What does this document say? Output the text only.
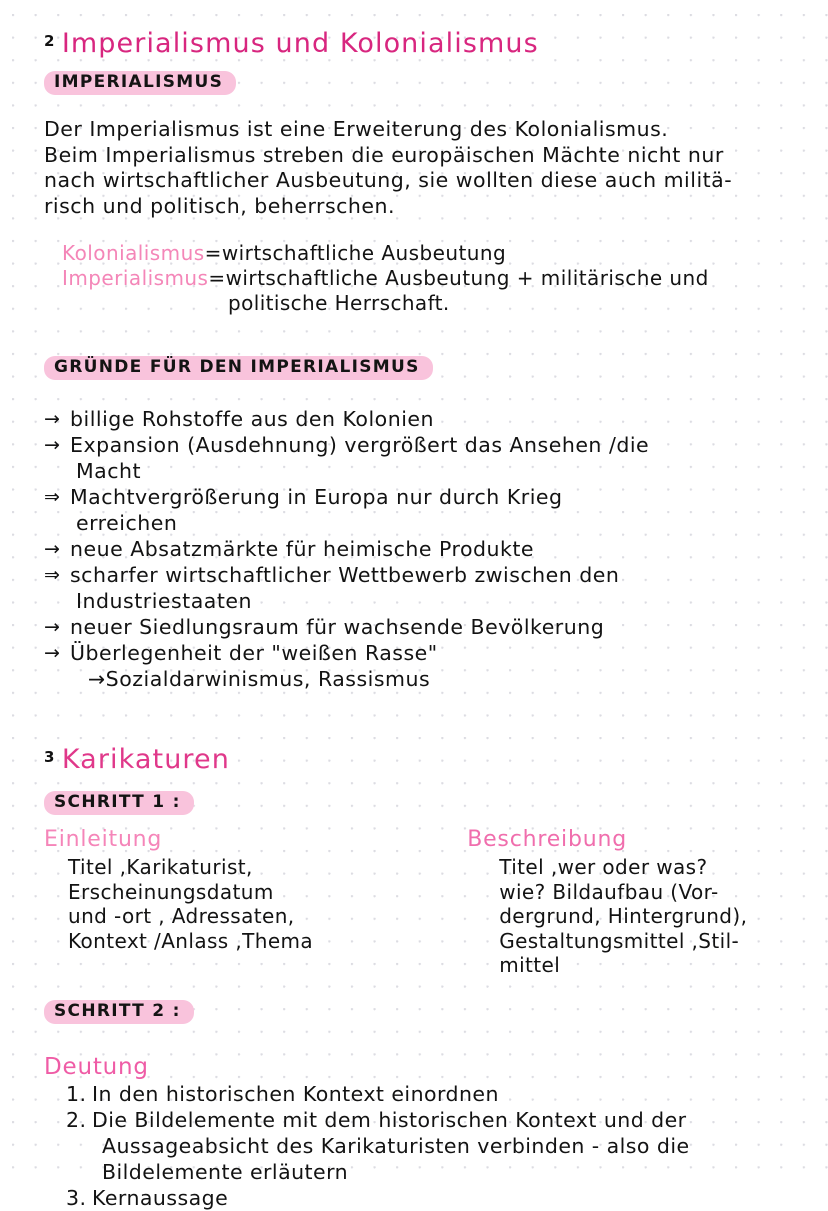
2 Imperialismus und Kolonialismus
IMPERIALISMUS
Der Imperialismus ist eine Erweiterung des Kolonialismus.
Beim Imperialismus streben die europäischen Mächte nicht nur
nach wirtschaftlicher Ausbeutung, sie wollten diese auch militä-
risch und politisch, beherrschen.
Kolonialismus=wirtschaftliche Ausbeutung
Imperialismus=wirtschaftliche Ausbeutung + militärische und
politische Herrschaft.
GRÜNDE FÜR DEN IMPERIALISMUS
→ billige Rohstoffe aus den Kolonien
→ Expansion (Ausdehnung) vergrößert das Ansehen /die
Macht
⇒ Machtvergrößerung in Europa nur durch Krieg
erreichen
→ neue Absatzmärkte für heimische Produkte
⇒ scharfer wirtschaftlicher Wettbewerb zwischen den
Industriestaaten
→ neuer Siedlungsraum für wachsende Bevölkerung
→ Überlegenheit der "weißen Rasse"
→Sozialdarwinismus, Rassismus
3 Karikaturen
SCHRITT 1 :
Einleitung
Titel ,Karikaturist,
Erscheinungsdatum
und -ort , Adressaten,
Kontext /Anlass ,Thema
Beschreibung
Titel ,wer oder was?
wie? Bildaufbau (Vor-
dergrund, Hintergrund),
Gestaltungsmittel ,Stil-
mittel
SCHRITT 2 :
Deutung
1. In den historischen Kontext einordnen
2. Die Bildelemente mit dem historischen Kontext und der
Aussageabsicht des Karikaturisten verbinden - also die
Bildelemente erläutern
3. Kernaussage
